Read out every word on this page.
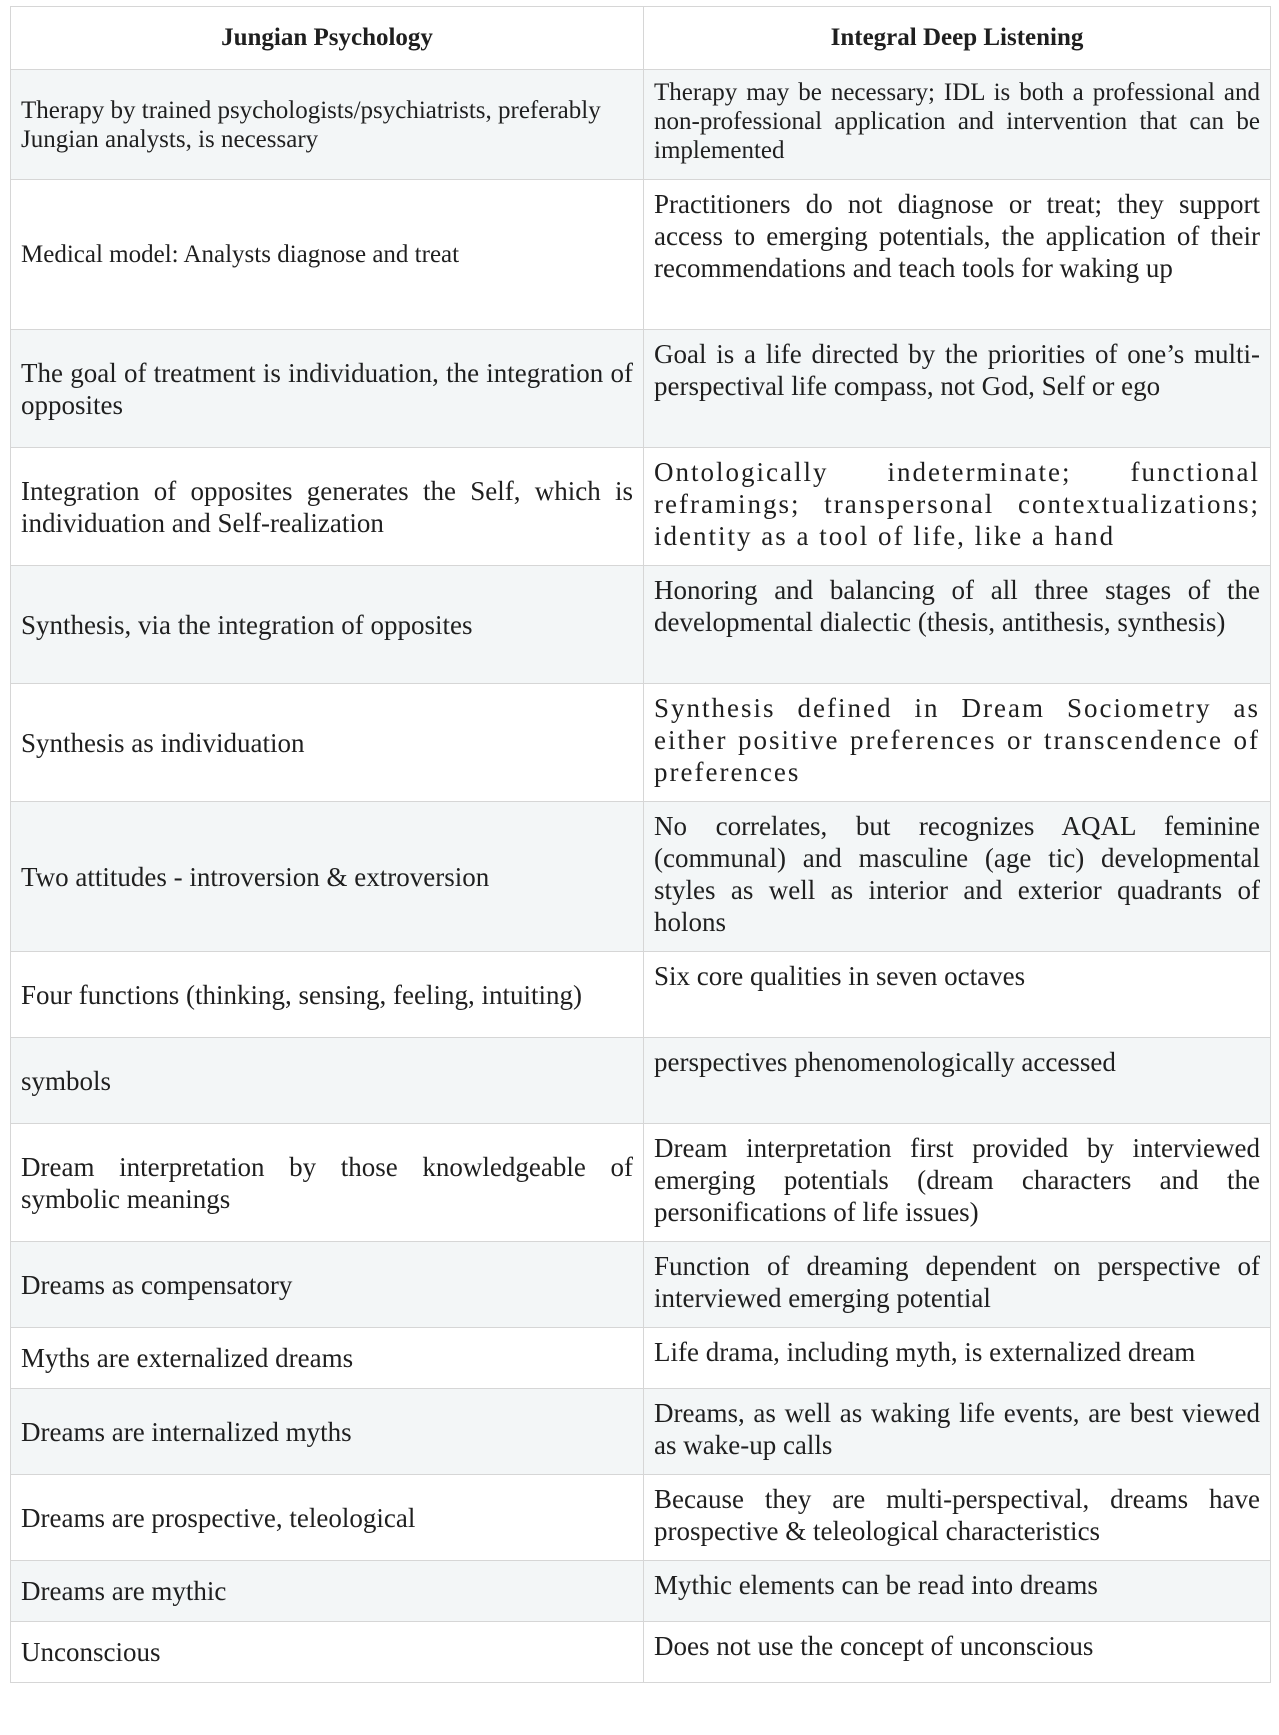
Jungian Psychology	Integral Deep Listening
Therapy by trained psychologists/psychiatrists, preferably Jungian analysts, is necessary	Therapy may be necessary; IDL is both a professional and non-professional application and intervention that can be implemented
Medical model: Analysts diagnose and treat	Practitioners do not diagnose or treat; they support access to emerging potentials, the application of their recommendations and teach tools for waking up
The goal of treatment is individuation, the integration of opposites	Goal is a life directed by the priorities of one’s multi-perspectival life compass, not God, Self or ego
Integration of opposites generates the Self, which is individuation and Self-realization	Ontologically indeterminate; functional reframings; transpersonal contextualizations; identity as a tool of life, like a hand
Synthesis, via the integration of opposites	Honoring and balancing of all three stages of the developmental dialectic (thesis, antithesis, synthesis)
Synthesis as individuation	Synthesis defined in Dream Sociometry as either positive preferences or transcendence of preferences
Two attitudes - introversion & extroversion	No correlates, but recognizes AQAL feminine (communal) and masculine (age tic) developmental styles as well as interior and exterior quadrants of holons
Four functions (thinking, sensing, feeling, intuiting)	Six core qualities in seven octaves
symbols	perspectives phenomenologically accessed
Dream interpretation by those knowledgeable of symbolic meanings	Dream interpretation first provided by interviewed emerging potentials (dream characters and the personifications of life issues)
Dreams as compensatory	Function of dreaming dependent on perspective of interviewed emerging potential
Myths are externalized dreams	Life drama, including myth, is externalized dream
Dreams are internalized myths	Dreams, as well as waking life events, are best viewed as wake-up calls
Dreams are prospective, teleological	Because they are multi-perspectival, dreams have prospective & teleological characteristics
Dreams are mythic	Mythic elements can be read into dreams
Unconscious	Does not use the concept of unconscious
